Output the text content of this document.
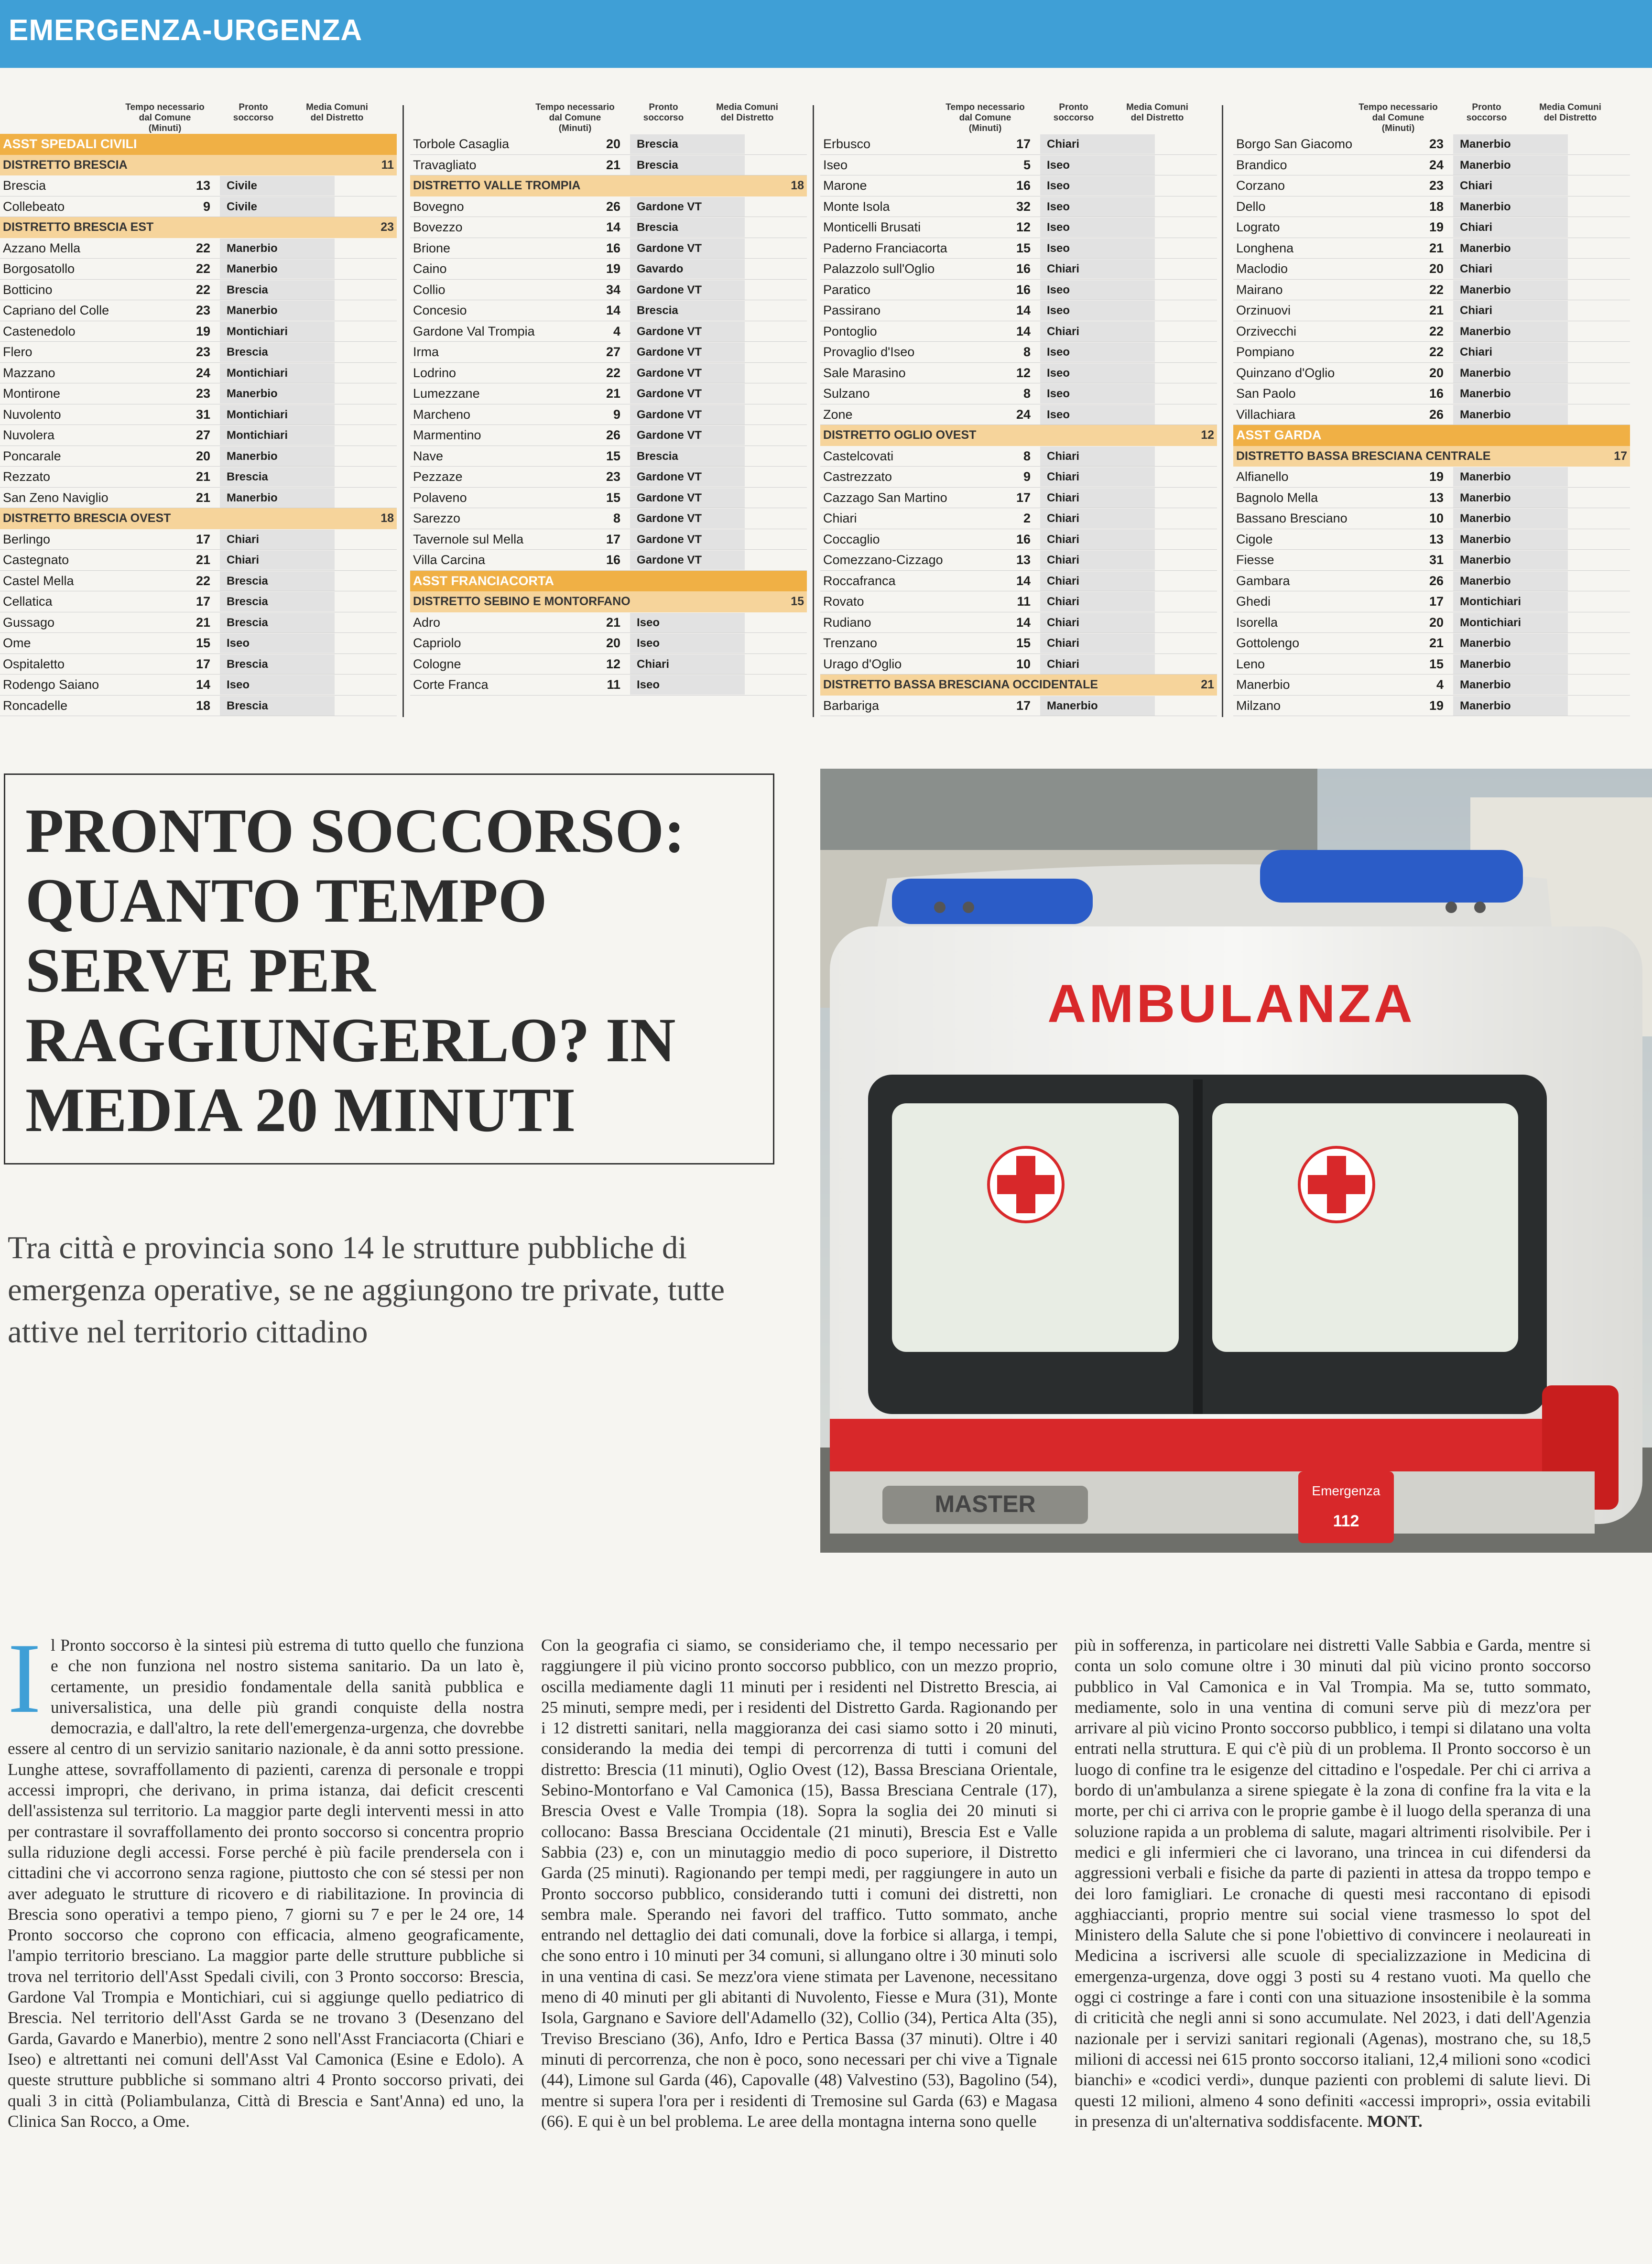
EMERGENZA-URGENZA
Tempo necessario dal Comune (Minuti)
Pronto soccorso
Media Comuni del Distretto
ASST SPEDALI CIVILI
DISTRETTO BRESCIA	11
Brescia	13	Civile
Collebeato	9	Civile
DISTRETTO BRESCIA EST	23
Azzano Mella	22	Manerbio
Borgosatollo	22	Manerbio
Botticino	22	Brescia
Capriano del Colle	23	Manerbio
Castenedolo	19	Montichiari
Flero	23	Brescia
Mazzano	24	Montichiari
Montirone	23	Manerbio
Nuvolento	31	Montichiari
Nuvolera	27	Montichiari
Poncarale	20	Manerbio
Rezzato	21	Brescia
San Zeno Naviglio	21	Manerbio
DISTRETTO BRESCIA OVEST	18
Berlingo	17	Chiari
Castegnato	21	Chiari
Castel Mella	22	Brescia
Cellatica	17	Brescia
Gussago	21	Brescia
Ome	15	Iseo
Ospitaletto	17	Brescia
Rodengo Saiano	14	Iseo
Roncadelle	18	Brescia
Tempo necessario dal Comune (Minuti)
Pronto soccorso
Media Comuni del Distretto
Torbole Casaglia	20	Brescia
Travagliato	21	Brescia
DISTRETTO VALLE TROMPIA	18
Bovegno	26	Gardone VT
Bovezzo	14	Brescia
Brione	16	Gardone VT
Caino	19	Gavardo
Collio	34	Gardone VT
Concesio	14	Brescia
Gardone Val Trompia	4	Gardone VT
Irma	27	Gardone VT
Lodrino	22	Gardone VT
Lumezzane	21	Gardone VT
Marcheno	9	Gardone VT
Marmentino	26	Gardone VT
Nave	15	Brescia
Pezzaze	23	Gardone VT
Polaveno	15	Gardone VT
Sarezzo	8	Gardone VT
Tavernole sul Mella	17	Gardone VT
Villa Carcina	16	Gardone VT
ASST FRANCIACORTA
DISTRETTO SEBINO E MONTORFANO	15
Adro	21	Iseo
Capriolo	20	Iseo
Cologne	12	Chiari
Corte Franca	11	Iseo
Tempo necessario dal Comune (Minuti)
Pronto soccorso
Media Comuni del Distretto
Erbusco	17	Chiari
Iseo	5	Iseo
Marone	16	Iseo
Monte Isola	32	Iseo
Monticelli Brusati	12	Iseo
Paderno Franciacorta	15	Iseo
Palazzolo sull'Oglio	16	Chiari
Paratico	16	Iseo
Passirano	14	Iseo
Pontoglio	14	Chiari
Provaglio d'Iseo	8	Iseo
Sale Marasino	12	Iseo
Sulzano	8	Iseo
Zone	24	Iseo
DISTRETTO OGLIO OVEST	12
Castelcovati	8	Chiari
Castrezzato	9	Chiari
Cazzago San Martino	17	Chiari
Chiari	2	Chiari
Coccaglio	16	Chiari
Comezzano-Cizzago	13	Chiari
Roccafranca	14	Chiari
Rovato	11	Chiari
Rudiano	14	Chiari
Trenzano	15	Chiari
Urago d'Oglio	10	Chiari
DISTRETTO BASSA BRESCIANA OCCIDENTALE	21
Barbariga	17	Manerbio
Tempo necessario dal Comune (Minuti)
Pronto soccorso
Media Comuni del Distretto
Borgo San Giacomo	23	Manerbio
Brandico	24	Manerbio
Corzano	23	Chiari
Dello	18	Manerbio
Lograto	19	Chiari
Longhena	21	Manerbio
Maclodio	20	Chiari
Mairano	22	Manerbio
Orzinuovi	21	Chiari
Orzivecchi	22	Manerbio
Pompiano	22	Chiari
Quinzano d'Oglio	20	Manerbio
San Paolo	16	Manerbio
Villachiara	26	Manerbio
ASST GARDA
DISTRETTO BASSA BRESCIANA CENTRALE	17
Alfianello	19	Manerbio
Bagnolo Mella	13	Manerbio
Bassano Bresciano	10	Manerbio
Cigole	13	Manerbio
Fiesse	31	Manerbio
Gambara	26	Manerbio
Ghedi	17	Montichiari
Isorella	20	Montichiari
Gottolengo	21	Manerbio
Leno	15	Manerbio
Manerbio	4	Manerbio
Milzano	19	Manerbio
PRONTO SOCCORSO: QUANTO TEMPO SERVE PER RAGGIUNGERLO? IN MEDIA 20 MINUTI
Tra città e provincia sono 14 le strutture pubbliche di emergenza operative, se ne aggiungono tre private, tutte attive nel territorio cittadino
AMBULANZA
MASTER	Emergenza
112
Il Pronto soccorso è la sintesi più estrema di tutto quello che funziona e che non funziona nel nostro sistema sanitario. Da un lato è, certamente, un presidio fondamentale della sanità pubblica e universalistica, una delle più grandi conquiste della nostra democrazia, e dall'altro, la rete dell'emergenza-urgenza, che dovrebbe essere al centro di un servizio sanitario nazionale, è da anni sotto pressione. Lunghe attese, sovraffollamento di pazienti, carenza di personale e troppi accessi impropri, che derivano, in prima istanza, dai deficit crescenti dell'assistenza sul territorio. La maggior parte degli interventi messi in atto per contrastare il sovraffollamento dei pronto soccorso si concentra proprio sulla riduzione degli accessi. Forse perché è più facile prendersela con i cittadini che vi accorrono senza ragione, piuttosto che con sé stessi per non aver adeguato le strutture di ricovero e di riabilitazione. In provincia di Brescia sono operativi a tempo pieno, 7 giorni su 7 e per le 24 ore, 14 Pronto soccorso che coprono con efficacia, almeno geograficamente, l'ampio territorio bresciano. La maggior parte delle strutture pubbliche si trova nel territorio dell'Asst Spedali civili, con 3 Pronto soccorso: Brescia, Gardone Val Trompia e Montichiari, cui si aggiunge quello pediatrico di Brescia. Nel territorio dell'Asst Garda se ne trovano 3 (Desenzano del Garda, Gavardo e Manerbio), mentre 2 sono nell'Asst Franciacorta (Chiari e Iseo) e altrettanti nei comuni dell'Asst Val Camonica (Esine e Edolo). A queste strutture pubbliche si sommano altri 4 Pronto soccorso privati, dei quali 3 in città (Poliambulanza, Città di Brescia e Sant'Anna) ed uno, la Clinica San Rocco, a Ome.
Con la geografia ci siamo, se consideriamo che, il tempo necessario per raggiungere il più vicino pronto soccorso pubblico, con un mezzo proprio, oscilla mediamente dagli 11 minuti per i residenti nel Distretto Brescia, ai 25 minuti, sempre medi, per i residenti del Distretto Garda. Ragionando per i 12 distretti sanitari, nella maggioranza dei casi siamo sotto i 20 minuti, considerando la media dei tempi di percorrenza di tutti i comuni del distretto: Brescia (11 minuti), Oglio Ovest (12), Bassa Bresciana Orientale, Sebino-Montorfano e Val Camonica (15), Bassa Bresciana Centrale (17), Brescia Ovest e Valle Trompia (18). Sopra la soglia dei 20 minuti si collocano: Bassa Bresciana Occidentale (21 minuti), Brescia Est e Valle Sabbia (23) e, con un minutaggio medio di poco superiore, il Distretto Garda (25 minuti). Ragionando per tempi medi, per raggiungere in auto un Pronto soccorso pubblico, considerando tutti i comuni dei distretti, non sembra male. Sperando nei favori del traffico. Tutto sommato, anche entrando nel dettaglio dei dati comunali, dove la forbice si allarga, i tempi, che sono entro i 10 minuti per 34 comuni, si allungano oltre i 30 minuti solo in una ventina di casi. Se mezz'ora viene stimata per Lavenone, necessitano meno di 40 minuti per gli abitanti di Nuvolento, Fiesse e Mura (31), Monte Isola, Gargnano e Saviore dell'Adamello (32), Collio (34), Pertica Alta (35), Treviso Bresciano (36), Anfo, Idro e Pertica Bassa (37 minuti). Oltre i 40 minuti di percorrenza, che non è poco, sono necessari per chi vive a Tignale (44), Limone sul Garda (46), Capovalle (48) Valvestino (53), Bagolino (54), mentre si supera l'ora per i residenti di Tremosine sul Garda (63) e Magasa (66). E qui è un bel problema. Le aree della montagna interna sono quelle
più in sofferenza, in particolare nei distretti Valle Sabbia e Garda, mentre si conta un solo comune oltre i 30 minuti dal più vicino pronto soccorso pubblico in Val Camonica e in Val Trompia. Ma se, tutto sommato, mediamente, solo in una ventina di comuni serve più di mezz'ora per arrivare al più vicino Pronto soccorso pubblico, i tempi si dilatano una volta entrati nella struttura. E qui c'è più di un problema. Il Pronto soccorso è un luogo di confine tra le esigenze del cittadino e l'ospedale. Per chi ci arriva a bordo di un'ambulanza a sirene spiegate è la zona di confine fra la vita e la morte, per chi ci arriva con le proprie gambe è il luogo della speranza di una soluzione rapida a un problema di salute, magari altrimenti risolvibile. Per i medici e gli infermieri che ci lavorano, una trincea in cui difendersi da aggressioni verbali e fisiche da parte di pazienti in attesa da troppo tempo e dei loro famigliari. Le cronache di questi mesi raccontano di episodi agghiaccianti, proprio mentre sui social viene trasmesso lo spot del Ministero della Salute che si pone l'obiettivo di convincere i neolaureati in Medicina a iscriversi alle scuole di specializzazione in Medicina di emergenza-urgenza, dove oggi 3 posti su 4 restano vuoti. Ma quello che oggi ci costringe a fare i conti con una situazione insostenibile è la somma di criticità che negli anni si sono accumulate. Nel 2023, i dati dell'Agenzia nazionale per i servizi sanitari regionali (Agenas), mostrano che, su 18,5 milioni di accessi nei 615 pronto soccorso italiani, 12,4 milioni sono «codici bianchi» e «codici verdi», dunque pazienti con problemi di salute lievi. Di questi 12 milioni, almeno 4 sono definiti «accessi impropri», ossia evitabili in presenza di un'alternativa soddisfacente. MONT.
